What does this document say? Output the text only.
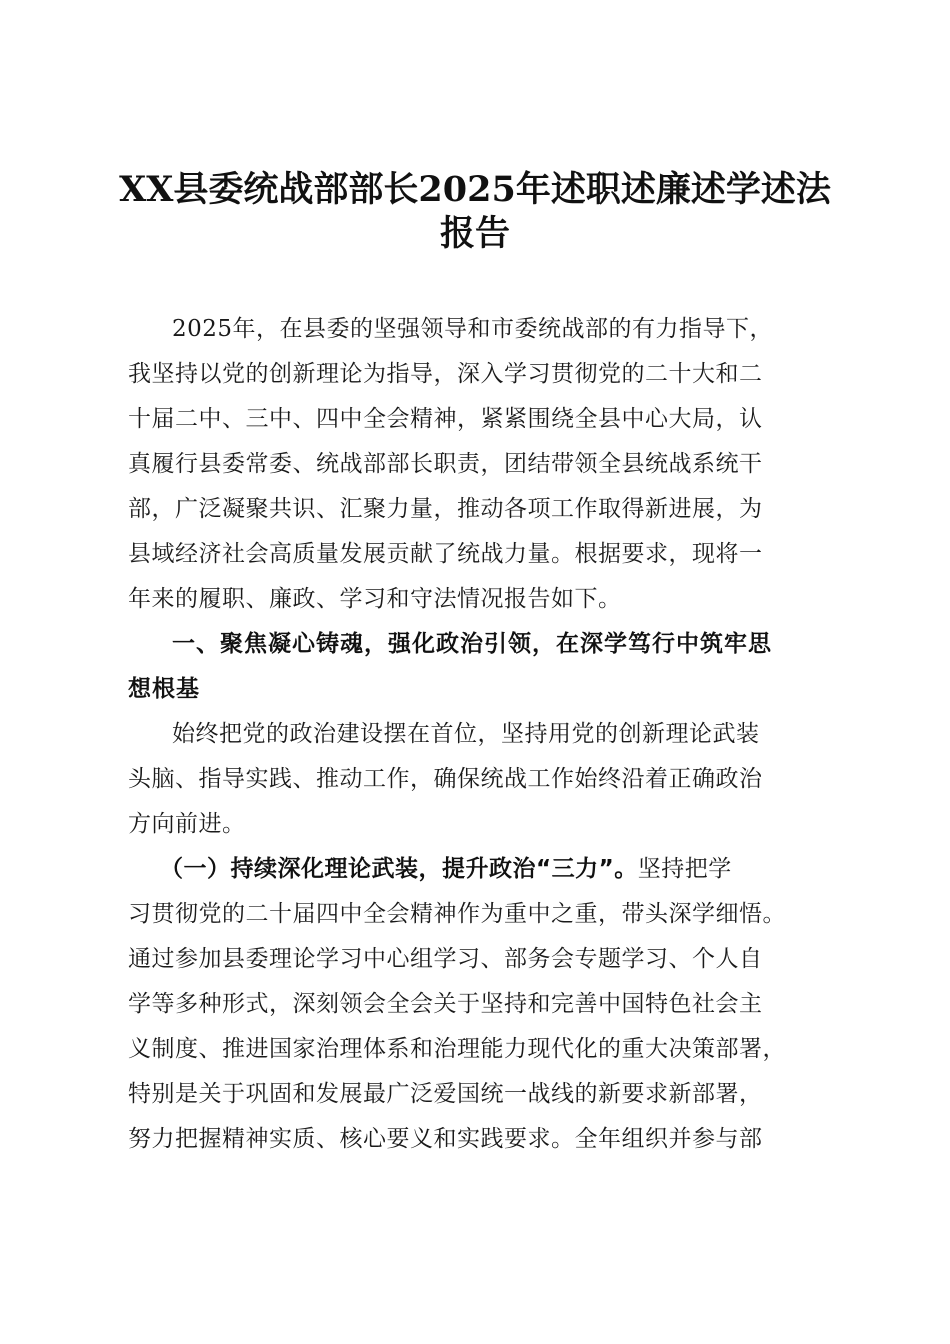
XX县委统战部部长2025年述职述廉述学述法
报告
2025年，在县委的坚强领导和市委统战部的有力指导下，
我坚持以党的创新理论为指导，深入学习贯彻党的二十大和二
十届二中、三中、四中全会精神，紧紧围绕全县中心大局，认
真履行县委常委、统战部部长职责，团结带领全县统战系统干
部，广泛凝聚共识、汇聚力量，推动各项工作取得新进展，为
县域经济社会高质量发展贡献了统战力量。根据要求，现将一
年来的履职、廉政、学习和守法情况报告如下。
一、聚焦凝心铸魂，强化政治引领，在深学笃行中筑牢思
想根基
始终把党的政治建设摆在首位，坚持用党的创新理论武装
头脑、指导实践、推动工作，确保统战工作始终沿着正确政治
方向前进。
（一）持续深化理论武装，提升政治“三力”。坚持把学
习贯彻党的二十届四中全会精神作为重中之重，带头深学细悟。
通过参加县委理论学习中心组学习、部务会专题学习、个人自
学等多种形式，深刻领会全会关于坚持和完善中国特色社会主
义制度、推进国家治理体系和治理能力现代化的重大决策部署，
特别是关于巩固和发展最广泛爱国统一战线的新要求新部署，
努力把握精神实质、核心要义和实践要求。全年组织并参与部
